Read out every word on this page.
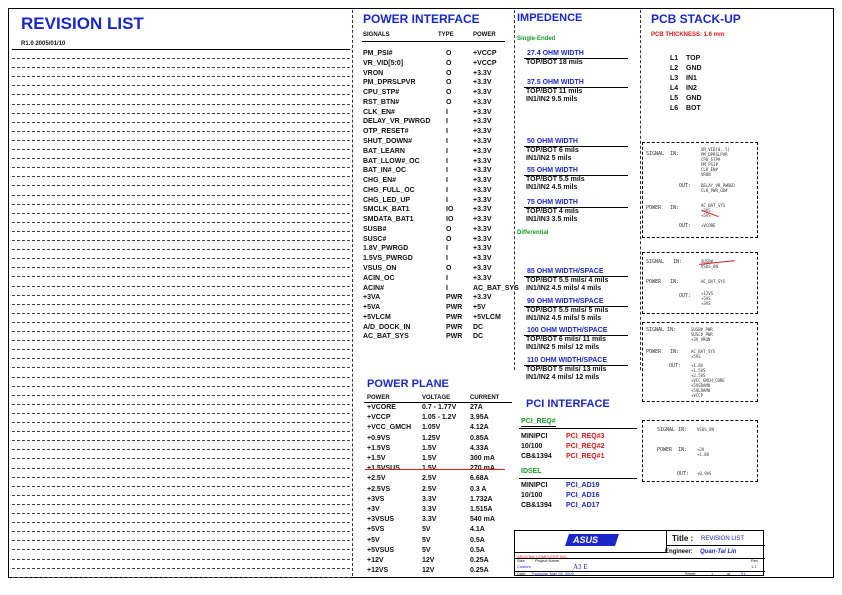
REVISION LIST
R1.0 2005/01/10
POWER INTERFACE
SIGNALS	TYPE	POWER
PM_PSI#	O	+VCCP
VR_VID[5:0]	O	+VCCP
VRON	O	+3.3V
PM_DPRSLPVR	O	+3.3V
CPU_STP#	O	+3.3V
RST_BTN#	O	+3.3V
CLK_EN#	I	+3.3V
DELAY_VR_PWRGD I	+3.3V
OTP_RESET#	I	+3.3V
SHUT_DOWN#	I	+3.3V
BAT_LEARN	I	+3.3V
BAT_LLOW#_OC	I	+3.3V
BAT_IN#_OC	I	+3.3V
CHG_EN#	I	+3.3V
CHG_FULL_OC	I	+3.3V
CHG_LED_UP	I	+3.3V
SMCLK_BAT1	IO	+3.3V
SMDATA_BAT1	IO	+3.3V
SUSB#	O	+3.3V
SUSC#	O	+3.3V
1.8V_PWRGD	I	+3.3V
1.5VS_PWRGD	I	+3.3V
VSUS_ON	O	+3.3V
ACIN_OC	I	+3.3V
ACIN#	I	AC_BAT_SYS
+3VA	PWR +3.3V
+5VA	PWR +5V
+5VLCM	PWR +5VLCM
A/D_DOCK_IN	PWR DC
AC_BAT_SYS	PWR DC
POWER PLANE
POWER	VOLTAGE	CURRENT
+VCORE	0.7 - 1.77V 27A
+VCCP	1.05 - 1.2V 3.95A
+VCC_GMCH 1.05V	4.12A
+0.9VS	1.25V	0.85A
+1.5VS	1.5V	4.33A
+1.5V	1.5V	300 mA
+1.5VSUS	1.5V	270 mA
+2.5V	2.5V	6.68A
+2.5VS	2.5V	0.3 A
+3VS	3.3V	1.732A
+3V	3.3V	1.515A
+3VSUS	3.3V	540 mA
+5VS	5V	4.1A
+5V	5V	0.5A
+5VSUS	5V	0.5A
+12V	12V	0.25A
+12VS	12V	0.25A
IMPEDENCE
Single-Ended
Differential
27.4 OHM WIDTH
TOP/BOT 18 mils
37.5 OHM WIDTH
TOP/BOT 11 mils
IN1/IN2 9.5 mils
50 OHM WIDTH
TOP/BOT 6 mils
IN1/IN2 5 mils
55 OHM WIDTH
TOP/BOT 5.5 mils
IN1/IN2 4.5 mils
75 OHM WIDTH
TOP/BOT 4 mils
IN1/IN3 3.5 mils
85 OHM WIDTH/SPACE
TOP/BOT 5.5 mils/ 4 mils
IN1/IN2 4.5 mils/ 4 mils
90 OHM WIDTH/SPACE
TOP/BOT 5.5 mils/ 5 mils
IN1/IN2 4.5 mils/ 5 mils
100 OHM WIDTH/SPACE
TOP/BOT 6 mils/ 11 mils
IN1/IN2 5 mils/ 12 mils
110 OHM WIDTH/SPACE
TOP/BOT 5 mils/ 13 mils
IN1/IN2 4 mils/ 12 mils
PCI INTERFACE
PCI_REQ#
MINIPCI	PCI_REQ#3
10/100	PCI_REQ#2
CB&1394 PCI_REQ#1
IDSEL
MINIPCI	PCI_AD19
10/100	PCI_AD16
CB&1394 PCI_AD17
PCB STACK-UP
PCB THICKNESS: 1.6 mm
L1 TOP
L2 GND
L3 IN1
L4 IN2
L5 GND
L6 BOT
SIGNAL  IN:
POWER   IN:
OUT:
OUT:
VR_VID[0..5]
PM_DPRSLPVR
CPU_STP#
PM_PSI#
CLK_EN#
VRON
DELAY_VR_PWRGD
CLK_PWR_GD#
AC_BAT_SYS
+3VS
+5VS
+VCORE
SIGNAL   IN:
POWER   IN:
OUT:
SUSB#
VSUS_ON
AC_BAT_SYS
+12VS
+5VS
+3VS
SIGNAL IN:
POWER   IN:
OUT:
SUSB#_PWR
SUSC#_PWR
+3V_VRON
AC_BAT_SYS
+5VS
+1.8V
+1.5VS
+2.5VS
+VCC_GMCH_CORE
+5VSRAM0
+5VLRAM0
+VCCP
SIGNAL IN:
POWER  IN:
OUT:
VSUS_ON
+3V
+1.8V
+0.9VS
ASUS
ASUSTeK COMPUTER INC.
Title : REVISION LIST
Engineer: Quan-Tai Lin
Size
Custom
Project Name
A3 E
Rev
1.1
Date Thursday, May 05, 2005	Sheet	1	of	51
